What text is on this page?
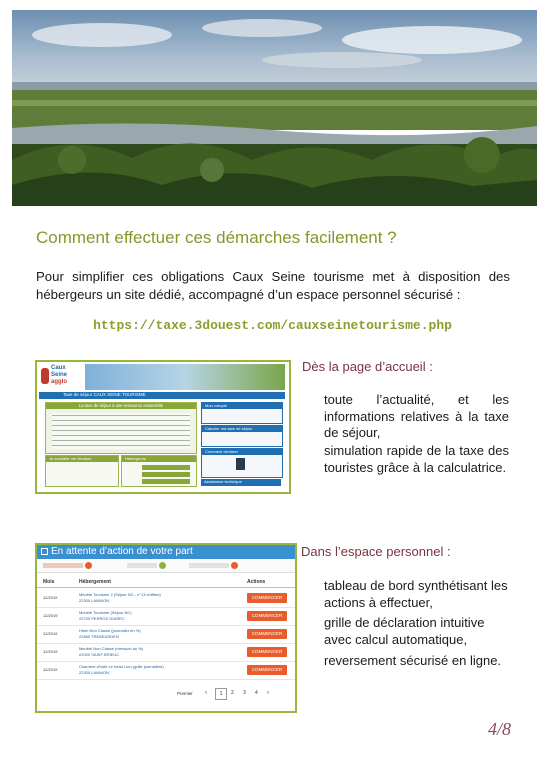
Comment effectuer ces démarches facilement ?
Pour simplifier ces obligations Caux Seine tourisme met à disposition des hébergeurs un site dédié, accompagné d’un espace personnel sécurisé :
https://taxe.3douest.com/cauxseinetourisme.php
Caux
Seine
agglo
Taxe de séjour CAUX SEINE TOURISME
La taxe de séjour à une ressource essentielle
Je souhaite me déclarer	Hébergeurs
Mon compte
Calculer ma taxe de séjour
Comment déclarer
Assistance technique
Dès la page d’accueil :
toute l’actualité, et les informations relatives à la taxe de séjour,
simulation rapide de la taxe des touristes grâce à la calculatrice.
En attente d’action de votre part
Mois	Hébergement	Actions
12/2019
Meublé Tourisme 2 (Séjour NC - n°13 chiffres)
22300 LANNION
COMMENCER
12/2019
Meublé Tourisme (Séjour NC)
22700 PERROS GUIREC
COMMENCER
12/2019
Hôtel Non Classé (journalier en %)
22560 TREBEURDEN
COMMENCER
12/2019
Meublé Non Classé (mensuel au %)
22000 SAINT BRIEUC
COMMENCER
12/2019
Chambre d’hôte Le beau Lieu (grille journalière)
22300 LANNION
COMMENCER
Premier ‹	1	2 3 4 ›
Dans l’espace personnel :
tableau de bord synthétisant les actions à effectuer,
grille de déclaration intuitive avec calcul automatique,
reversement sécurisé en ligne.
4/8
